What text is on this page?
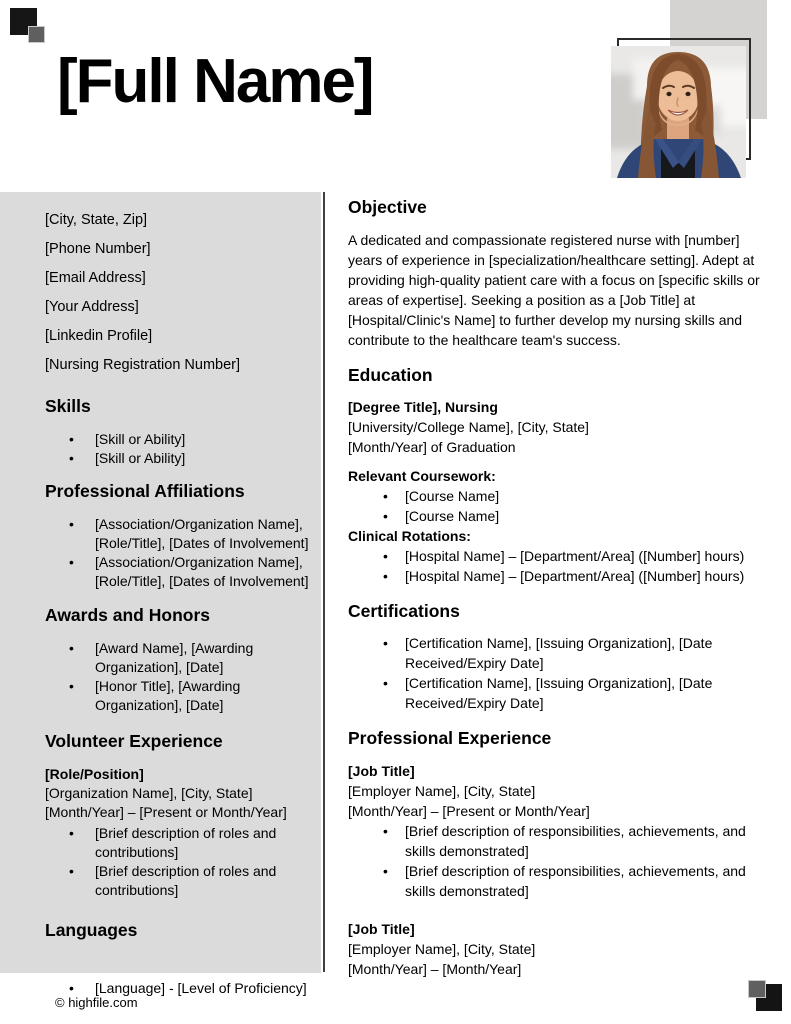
[Full Name]

[City, State, Zip]

[Phone Number]

[Email Address]

[Your Address]

[Linkedin Profile]

[Nursing Registration Number]

Skills
• [Skill or Ability]
• [Skill or Ability]
Professional Affiliations
• [Association/Organization Name], [Role/Title], [Dates of Involvement]
• [Association/Organization Name], [Role/Title], [Dates of Involvement]
Awards and Honors
• [Award Name], [Awarding Organization], [Date]
• [Honor Title], [Awarding Organization], [Date]
Volunteer Experience

[Role/Position]

[Organization Name], [City, State]

[Month/Year] – [Present or Month/Year]

• [Brief description of roles and contributions]
• [Brief description of roles and contributions]
Languages
• [Language] - [Level of Proficiency]
Objective

A dedicated and compassionate registered nurse with [number] years of experience in [specialization/healthcare setting]. Adept at providing high-quality patient care with a focus on [specific skills or areas of expertise]. Seeking a position as a [Job Title] at [Hospital/Clinic's Name] to further develop my nursing skills and contribute to the healthcare team's success.

Education

[Degree Title], Nursing

[University/College Name], [City, State]

[Month/Year] of Graduation

Relevant Coursework:

• [Course Name]
• [Course Name]

Clinical Rotations:

• [Hospital Name] – [Department/Area] ([Number] hours)
• [Hospital Name] – [Department/Area] ([Number] hours)
Certifications
• [Certification Name], [Issuing Organization], [Date Received/Expiry Date]
• [Certification Name], [Issuing Organization], [Date Received/Expiry Date]
Professional Experience

[Job Title]

[Employer Name], [City, State]

[Month/Year] – [Present or Month/Year]

• [Brief description of responsibilities, achievements, and skills demonstrated]
• [Brief description of responsibilities, achievements, and skills demonstrated]

[Job Title]

[Employer Name], [City, State]

[Month/Year] – [Month/Year]

© highfile.com
